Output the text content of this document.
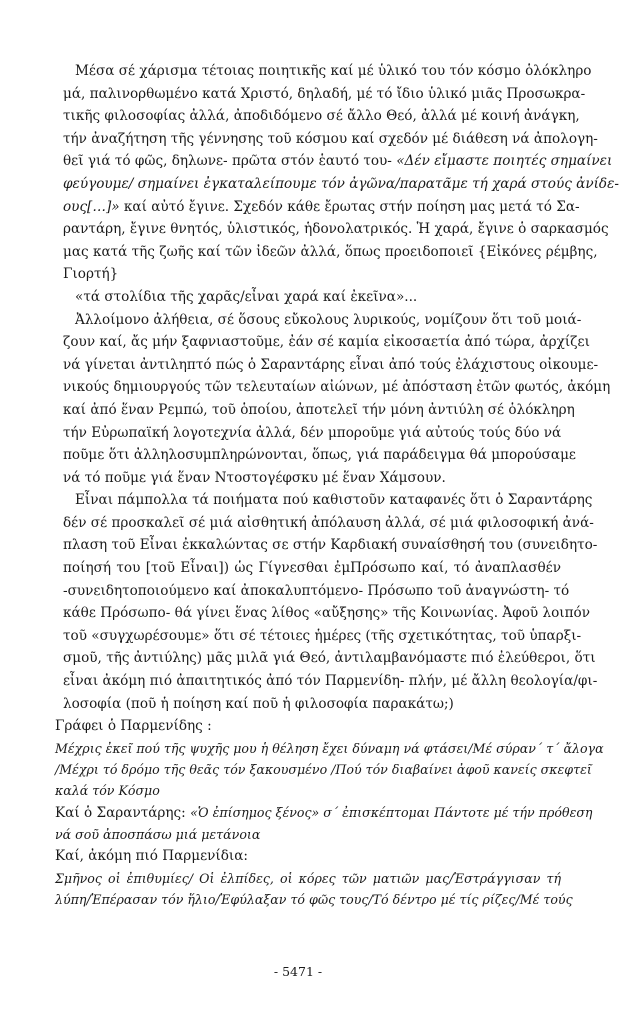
Μέσα σέ χάρισμα τέτοιας ποιητικῆς καί μέ ὑλικό του τόν κόσμο ὁλόκληρο
μά, παλινορθωμένο κατά Χριστό, δηλαδή, μέ τό ἴδιο ὑλικό μιᾶς Προσωκρα-
τικῆς φιλοσοφίας ἀλλά, ἀποδιδόμενο σέ ἄλλο Θεό, ἀλλά μέ κοινή ἀνάγκη,
τήν ἀναζήτηση τῆς γέννησης τοῦ κόσμου καί σχεδόν μέ διάθεση νά ἀπολογη-
θεῖ γιά τό φῶς, δηλωνε- πρῶτα στόν ἑαυτό του- «Δέν εἴμαστε ποιητές σημαίνει
φεύγουμε/ σημαίνει ἐγκαταλείπουμε τόν ἀγῶνα/παρατᾶμε τή χαρά στούς ἀνίδε-
ους[…]» καί αὐτό ἔγινε. Σχεδόν κάθε ἔρωτας στήν ποίηση μας μετά τό Σα-
ραντάρη, ἔγινε θνητός, ὑλιστικός, ἡδονολατρικός. Ἡ χαρά, ἔγινε ὁ σαρκασμός
μας κατά τῆς ζωῆς καί τῶν ἰδεῶν ἀλλά, ὅπως προειδοποιεῖ {Εἰκόνες ρέμβης,
Γιορτή}
«τά στολίδια τῆς χαρᾶς/εἶναι χαρά καί ἐκεῖνα»...
Ἀλλοίμονο ἀλήθεια, σέ ὅσους εὔκολους λυρικούς, νομίζουν ὅτι τοῦ μοιά-
ζουν καί, ἄς μήν ξαφνιαστοῦμε, ἐάν σέ καμία εἰκοσαετία ἀπό τώρα, ἀρχίζει
νά γίνεται ἀντιληπτό πώς ὁ Σαραντάρης εἶναι ἀπό τούς ἐλάχιστους οἰκουμε-
νικούς δημιουργούς τῶν τελευταίων αἰώνων, μέ ἀπόσταση ἐτῶν φωτός, ἀκόμη
καί ἀπό ἕναν Ρεμπώ, τοῦ ὁποίου, ἀποτελεῖ τήν μόνη ἀντιύλη σέ ὁλόκληρη
τήν Εὐρωπαϊκή λογοτεχνία ἀλλά, δέν μποροῦμε γιά αὐτούς τούς δύο νά
ποῦμε ὅτι ἀλληλοσυμπληρώνονται, ὅπως, γιά παράδειγμα θά μπορούσαμε
νά τό ποῦμε γιά ἕναν Ντοστογέφσκυ μέ ἕναν Χάμσουν.
Εἶναι πάμπολλα τά ποιήματα πού καθιστοῦν καταφανές ὅτι ὁ Σαραντάρης
δέν σέ προσκαλεῖ σέ μιά αἰσθητική ἀπόλαυση ἀλλά, σέ μιά φιλοσοφική ἀνά-
πλαση τοῦ Εἶναι ἐκκαλώντας σε στήν Καρδιακή συναίσθησή του (συνειδητο-
ποίησή του [τοῦ Εἶναι]) ὡς Γίγνεσθαι ἐμΠρόσωπο καί, τό ἀναπλασθέν
-συνειδητοποιούμενο καί ἀποκαλυπτόμενο- Πρόσωπο τοῦ ἀναγνώστη- τό
κάθε Πρόσωπο- θά γίνει ἕνας λίθος «αὔξησης» τῆς Κοινωνίας. Ἀφοῦ λοιπόν
τοῦ «συγχωρέσουμε» ὅτι σέ τέτοιες ἡμέρες (τῆς σχετικότητας, τοῦ ὑπαρξι-
σμοῦ, τῆς ἀντιύλης) μᾶς μιλᾶ γιά Θεό, ἀντιλαμβανόμαστε πιό ἐλεύθεροι, ὅτι
εἶναι ἀκόμη πιό ἀπαιτητικός ἀπό τόν Παρμενίδη- πλήν, μέ ἄλλη θεολογία/φι-
λοσοφία (ποῦ ἡ ποίηση καί ποῦ ἡ φιλοσοφία παρακάτω;)
Γράφει ὁ Παρμενίδης :
Μέχρις ἐκεῖ πού τῆς ψυχῆς μου ἡ θέληση ἔχει δύναμη νά φτάσει/Μέ σύραν΄ τ΄ ἄλογα
/Μέχρι τό δρόμο τῆς θεᾶς τόν ξακουσμένο /Πού τόν διαβαίνει ἀφοῦ κανείς σκεφτεῖ
καλά τόν Κόσμο
Καί ὁ Σαραντάρης: «Ὁ ἐπίσημος ξένος» σ΄ ἐπισκέπτομαι Πάντοτε μέ τήν πρόθεση
νά σοῦ ἀποσπάσω μιά μετάνοια
Καί, ἀκόμη πιό Παρμενίδια:
Σμῆνος οἱ ἐπιθυμίες/ Οἱ ἐλπίδες, οἱ κόρες τῶν ματιῶν μας/Ἐστράγγισαν τή
λύπη/Ἐπέρασαν τόν ἥλιο/Ἐφύλαξαν τό φῶς τους/Τό δέντρο μέ τίς ρίζες/Μέ τούς
- 5471 -
